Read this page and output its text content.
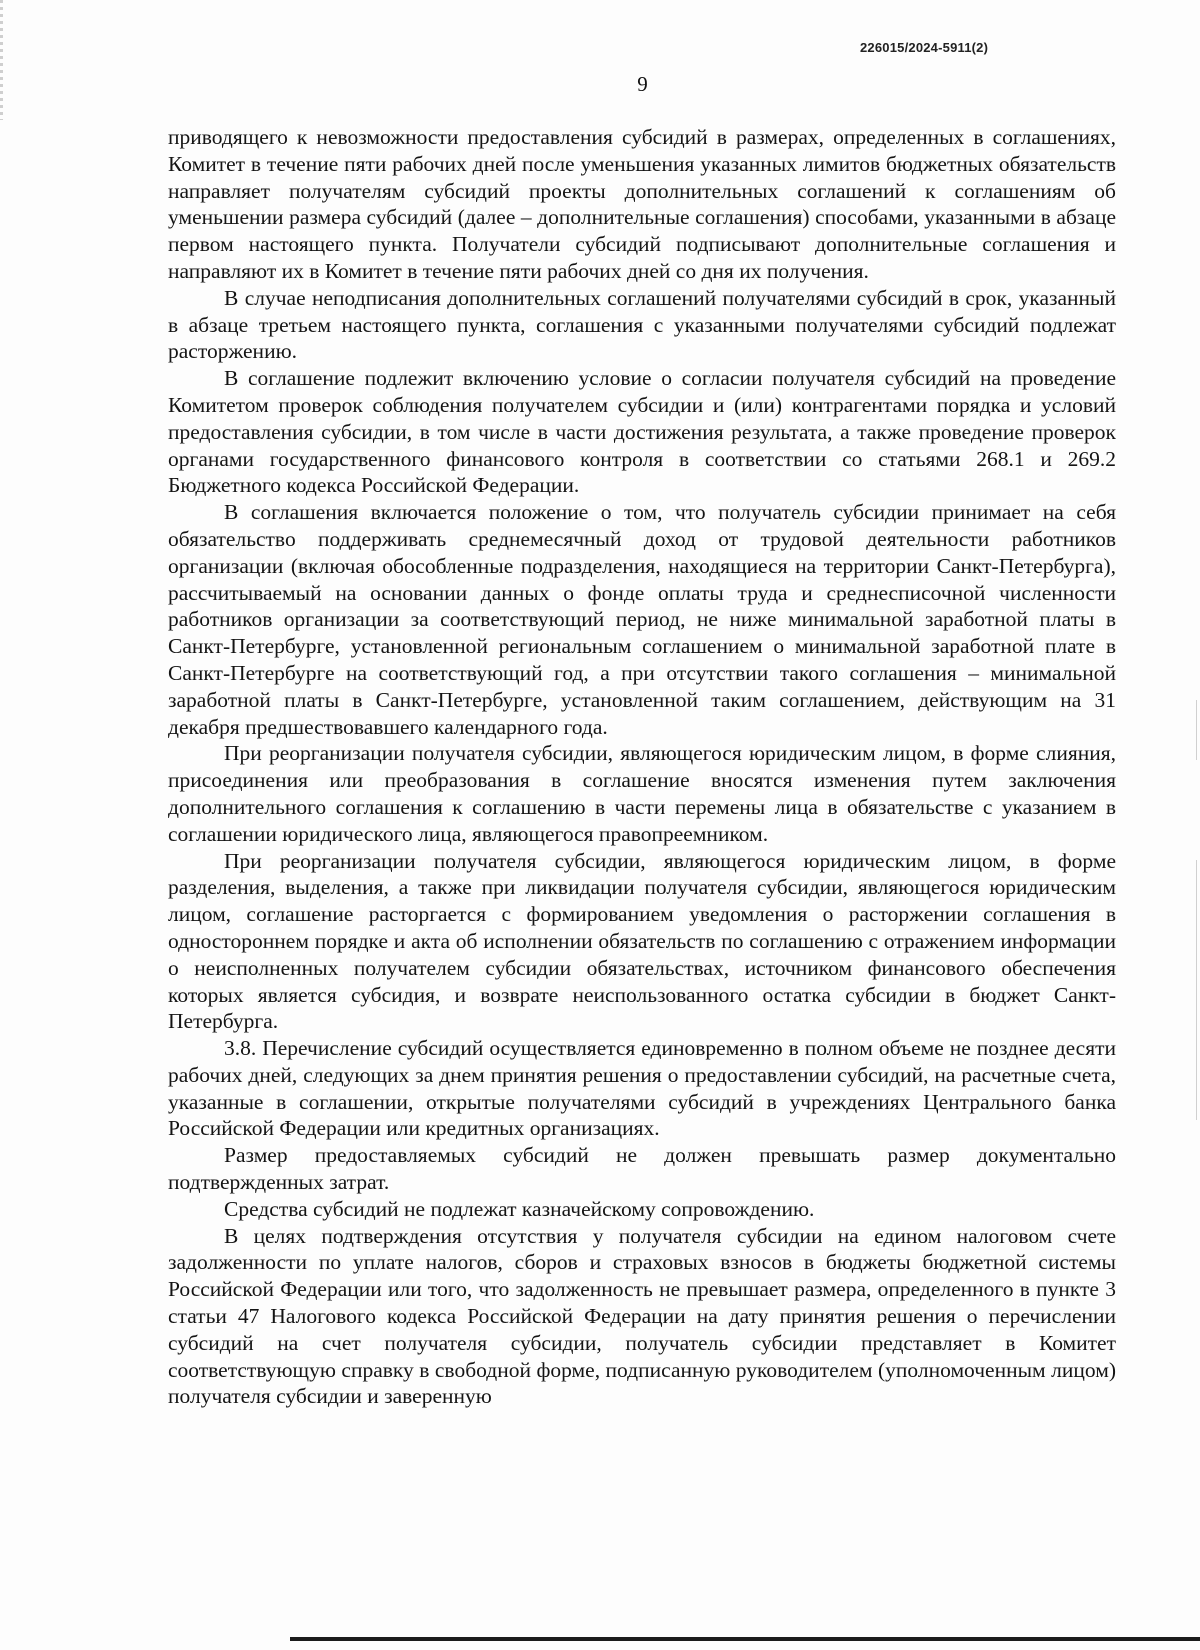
226015/2024-5911(2)
9

приводящего к невозможности предоставления субсидий в размерах, определенных в соглашениях, Комитет в течение пяти рабочих дней после уменьшения указанных лимитов бюджетных обязательств направляет получателям субсидий проекты дополнительных соглашений к соглашениям об уменьшении размера субсидий (далее – дополнительные соглашения) способами, указанными в абзаце первом настоящего пункта. Получатели субсидий подписывают дополнительные соглашения и направляют их в Комитет в течение пяти рабочих дней со дня их получения.

В случае неподписания дополнительных соглашений получателями субсидий в срок, указанный в абзаце третьем настоящего пункта, соглашения с указанными получателями субсидий подлежат расторжению.

В соглашение подлежит включению условие о согласии получателя субсидий на проведение Комитетом проверок соблюдения получателем субсидии и (или) контрагентами порядка и условий предоставления субсидии, в том числе в части достижения результата, а также проведение проверок органами государственного финансового контроля в соответствии со статьями 268.1 и 269.2 Бюджетного кодекса Российской Федерации.

В соглашения включается положение о том, что получатель субсидии принимает на себя обязательство поддерживать среднемесячный доход от трудовой деятельности работников организации (включая обособленные подразделения, находящиеся на территории Санкт-Петербурга), рассчитываемый на основании данных о фонде оплаты труда и среднесписочной численности работников организации за соответствующий период, не ниже минимальной заработной платы в Санкт-Петербурге, установленной региональным соглашением о минимальной заработной плате в Санкт-Петербурге на соответствующий год, а при отсутствии такого соглашения – минимальной заработной платы в Санкт-Петербурге, установленной таким соглашением, действующим на 31 декабря предшествовавшего календарного года.

При реорганизации получателя субсидии, являющегося юридическим лицом, в форме слияния, присоединения или преобразования в соглашение вносятся изменения путем заключения дополнительного соглашения к соглашению в части перемены лица в обязательстве с указанием в соглашении юридического лица, являющегося правопреемником.

При реорганизации получателя субсидии, являющегося юридическим лицом, в форме разделения, выделения, а также при ликвидации получателя субсидии, являющегося юридическим лицом, соглашение расторгается с формированием уведомления о расторжении соглашения в одностороннем порядке и акта об исполнении обязательств по соглашению с отражением информации о неисполненных получателем субсидии обязательствах, источником финансового обеспечения которых является субсидия, и возврате неиспользованного остатка субсидии в бюджет Санкт-Петербурга.

3.8. Перечисление субсидий осуществляется единовременно в полном объеме не позднее десяти рабочих дней, следующих за днем принятия решения о предоставлении субсидий, на расчетные счета, указанные в соглашении, открытые получателями субсидий в учреждениях Центрального банка Российской Федерации или кредитных организациях.

Размер предоставляемых субсидий не должен превышать размер документально подтвержденных затрат.

Средства субсидий не подлежат казначейскому сопровождению.

В целях подтверждения отсутствия у получателя субсидии на едином налоговом счете задолженности по уплате налогов, сборов и страховых взносов в бюджеты бюджетной системы Российской Федерации или того, что задолженность не превышает размера, определенного в пункте 3 статьи 47 Налогового кодекса Российской Федерации на дату принятия решения о перечислении субсидий на счет получателя субсидии, получатель субсидии представляет в Комитет соответствующую справку в свободной форме, подписанную руководителем (уполномоченным лицом) получателя субсидии и заверенную
